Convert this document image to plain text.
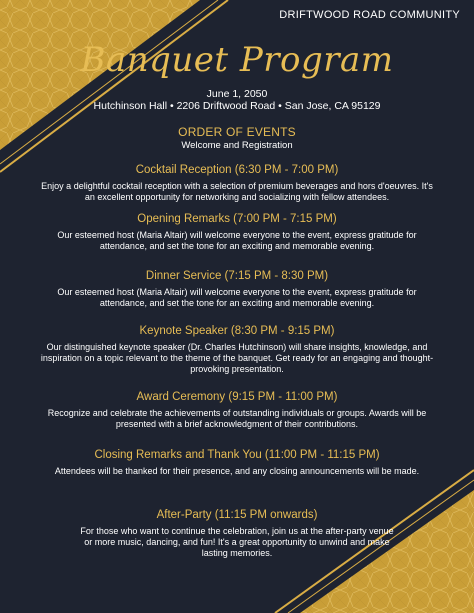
DRIFTWOOD ROAD COMMUNITY
Banquet Program
June 1, 2050
Hutchinson Hall • 2206 Driftwood Road • San Jose, CA 95129
ORDER OF EVENTS
Welcome and Registration
Cocktail Reception (6:30 PM - 7:00 PM)
Enjoy a delightful cocktail reception with a selection of premium beverages and hors d'oeuvres. It's an excellent opportunity for networking and socializing with fellow attendees.
Opening Remarks (7:00 PM - 7:15 PM)
Our esteemed host (Maria Altair) will welcome everyone to the event, express gratitude for attendance, and set the tone for an exciting and memorable evening.
Dinner Service (7:15 PM - 8:30 PM)
Our esteemed host (Maria Altair) will welcome everyone to the event, express gratitude for attendance, and set the tone for an exciting and memorable evening.
Keynote Speaker (8:30 PM - 9:15 PM)
Our distinguished keynote speaker (Dr. Charles Hutchinson) will share insights, knowledge, and inspiration on a topic relevant to the theme of the banquet. Get ready for an engaging and thought-provoking presentation.
Award Ceremony (9:15 PM - 11:00 PM)
Recognize and celebrate the achievements of outstanding individuals or groups. Awards will be presented with a brief acknowledgment of their contributions.
Closing Remarks and Thank You (11:00 PM - 11:15 PM)
Attendees will be thanked for their presence, and any closing announcements will be made.
After-Party (11:15 PM onwards)
For those who want to continue the celebration, join us at the after-party venue or more music, dancing, and fun! It's a great opportunity to unwind and make lasting memories.
